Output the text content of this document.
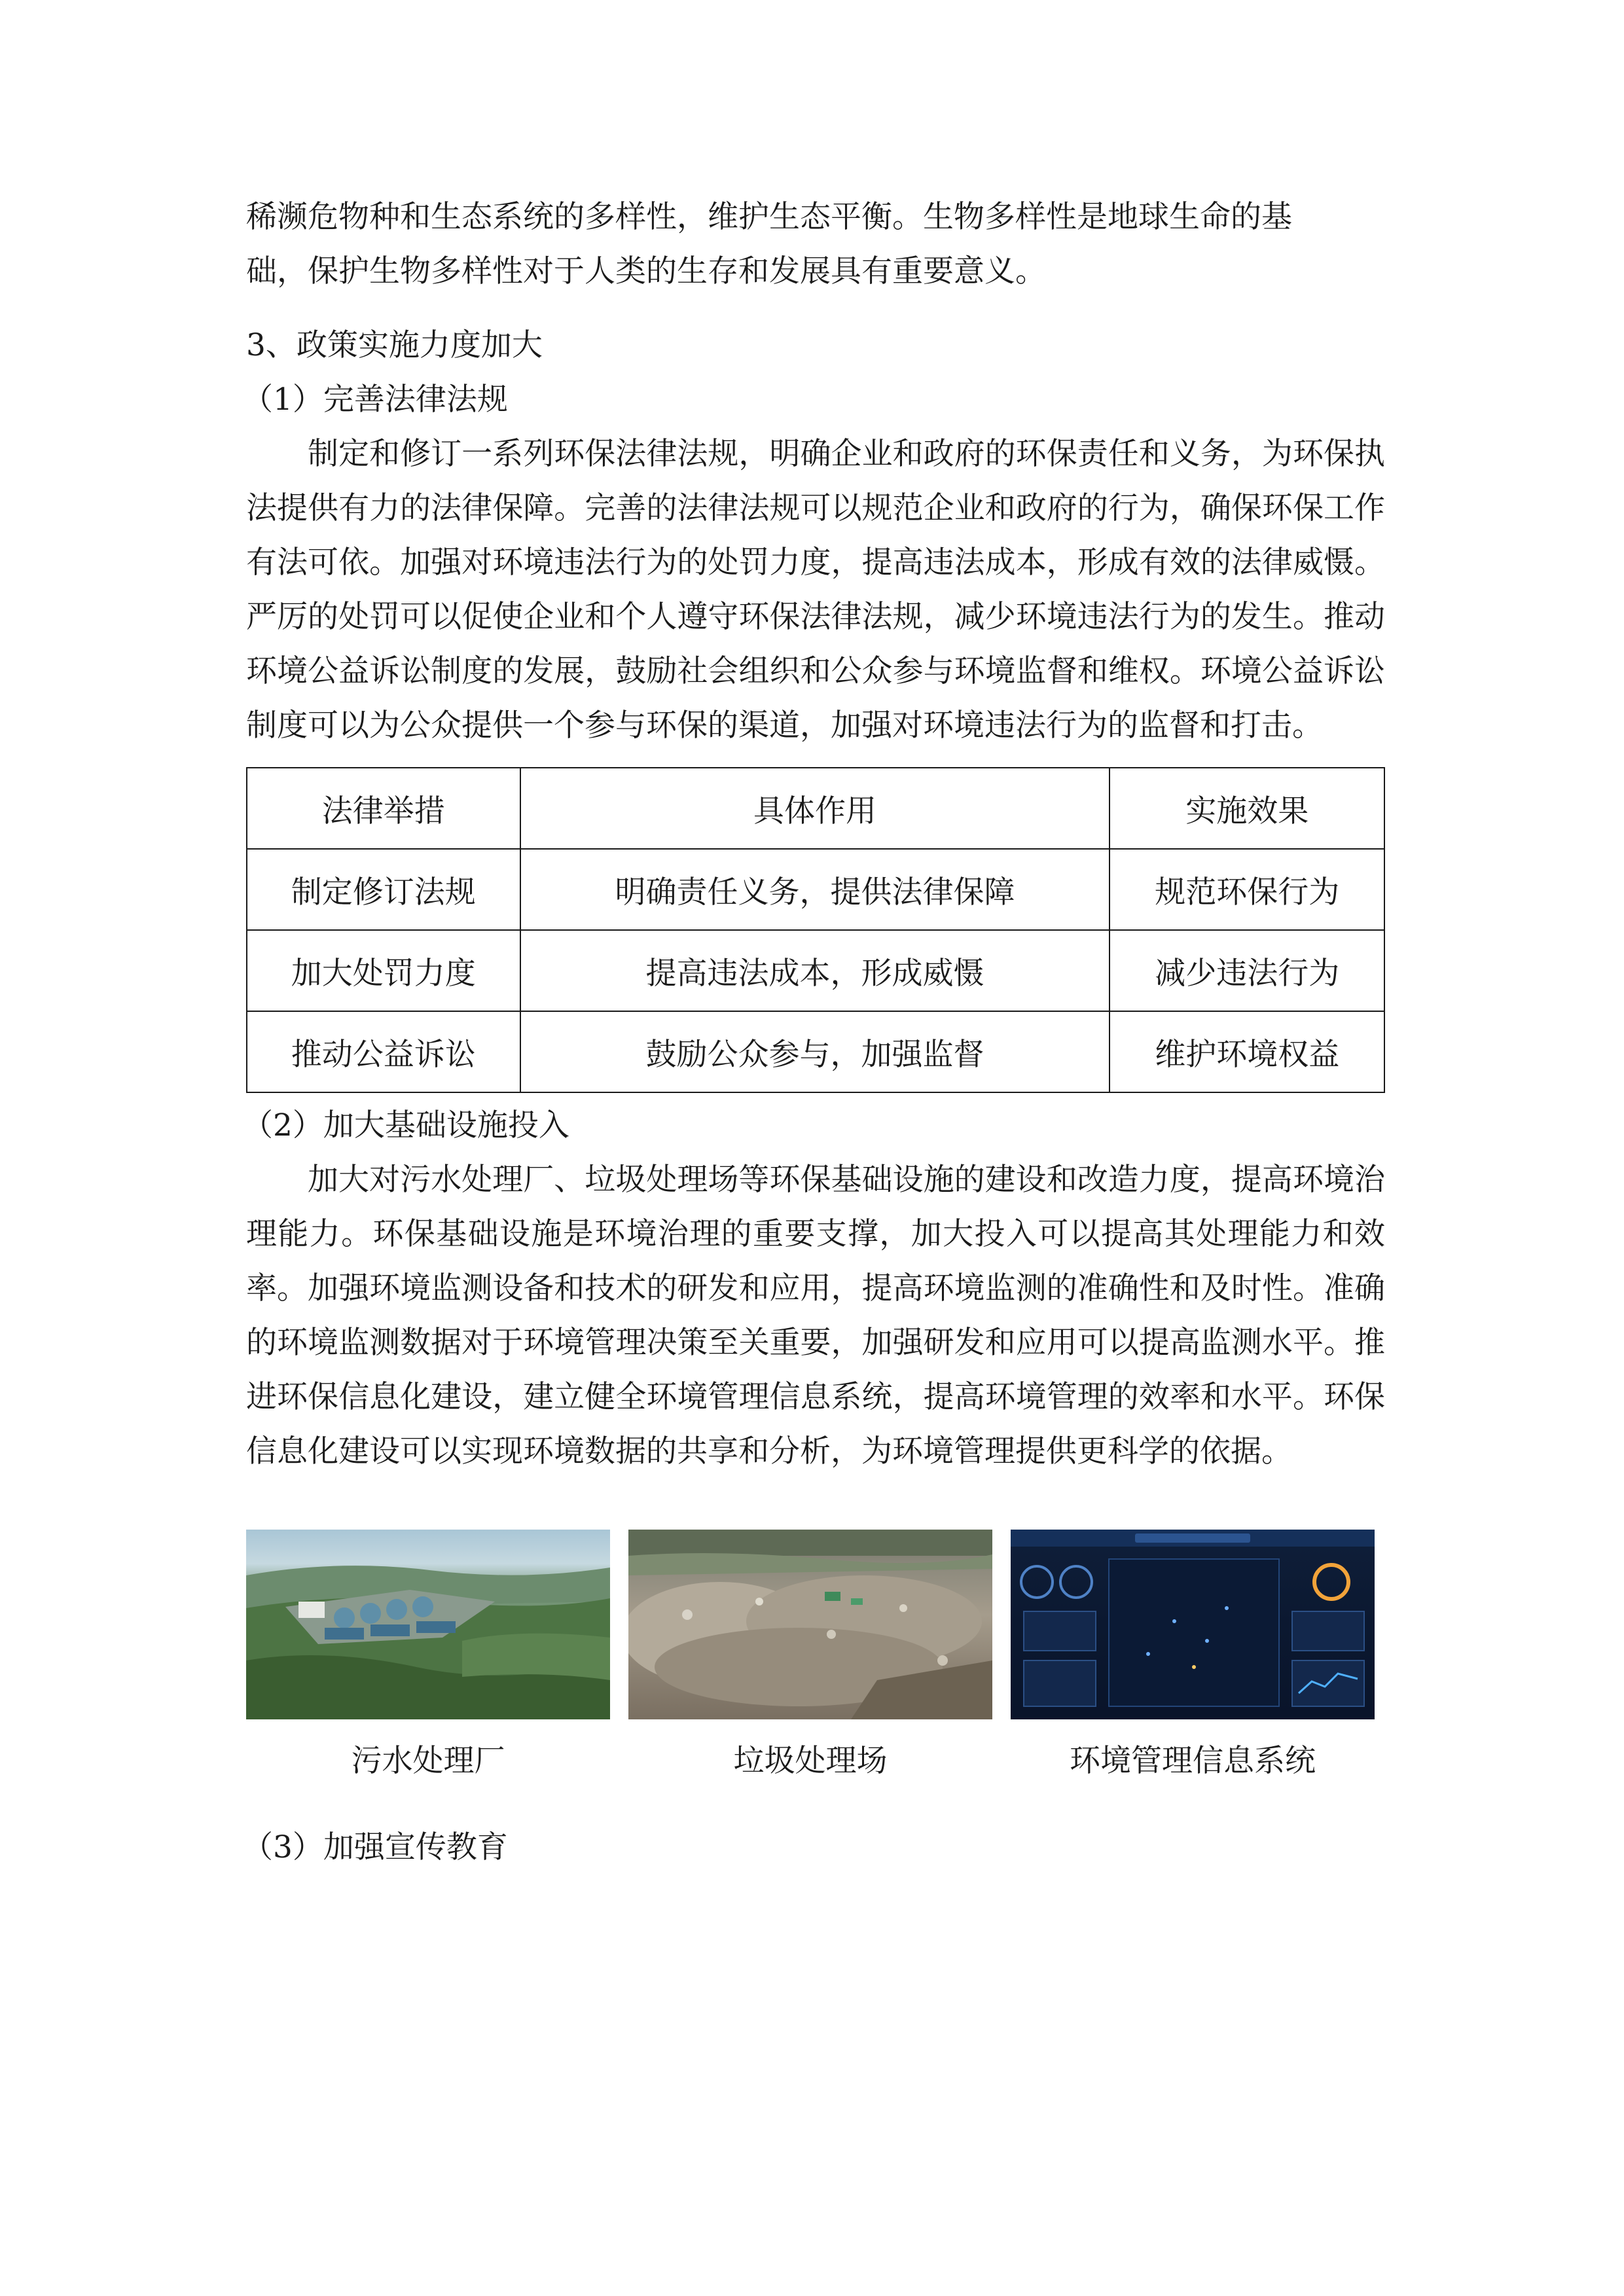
稀濒危物种和生态系统的多样性，维护生态平衡。生物多样性是地球生命的基

础，保护生物多样性对于人类的生存和发展具有重要意义。

3、政策实施力度加大

（1）完善法律法规

制定和修订一系列环保法律法规，明确企业和政府的环保责任和义务，为环保执法提供有力的法律保障。完善的法律法规可以规范企业和政府的行为，确保环保工作有法可依。加强对环境违法行为的处罚力度，提高违法成本，形成有效的法律威慑。严厉的处罚可以促使企业和个人遵守环保法律法规，减少环境违法行为的发生。推动环境公益诉讼制度的发展，鼓励社会组织和公众参与环境监督和维权。环境公益诉讼制度可以为公众提供一个参与环保的渠道，加强对环境违法行为的监督和打击。

法律举措	具体作用	实施效果
制定修订法规	明确责任义务，提供法律保障	规范环保行为
加大处罚力度	提高违法成本，形成威慑	减少违法行为
推动公益诉讼	鼓励公众参与，加强监督	维护环境权益

（2）加大基础设施投入

加大对污水处理厂、垃圾处理场等环保基础设施的建设和改造力度，提高环境治理能力。环保基础设施是环境治理的重要支撑，加大投入可以提高其处理能力和效率。加强环境监测设备和技术的研发和应用，提高环境监测的准确性和及时性。准确的环境监测数据对于环境管理决策至关重要，加强研发和应用可以提高监测水平。推进环保信息化建设，建立健全环境管理信息系统，提高环境管理的效率和水平。环保信息化建设可以实现环境数据的共享和分析，为环境管理提供更科学的依据。

污水处理厂	垃圾处理场	环境管理信息系统

（3）加强宣传教育
